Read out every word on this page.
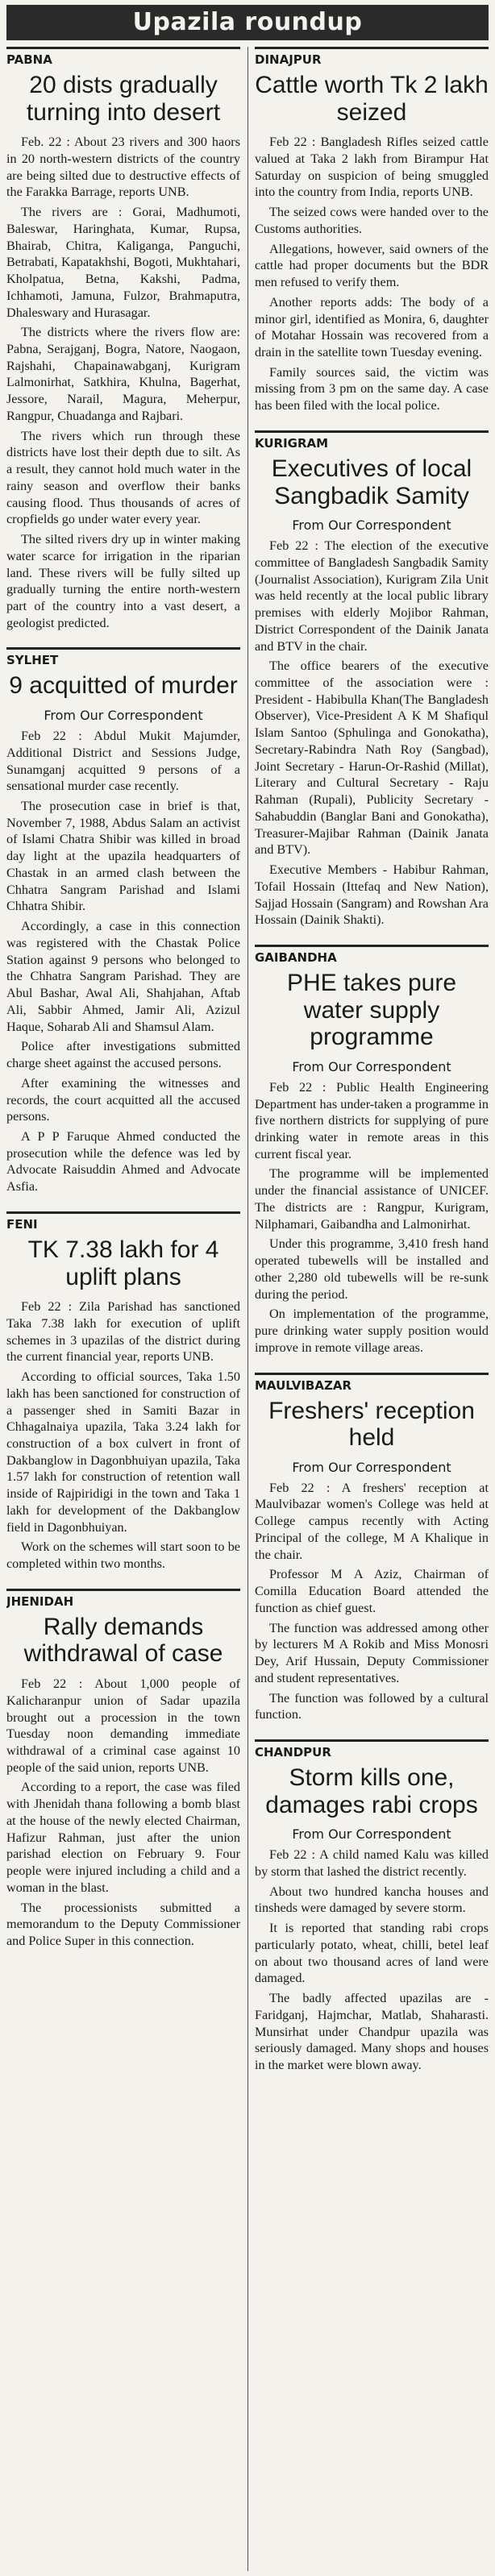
Upazila roundup
PABNA
20 dists gradually turning into desert

Feb. 22 : About 23 rivers and 300 haors in 20 north-western districts of the country are being silted due to destructive effects of the Farakka Barrage, reports UNB.

The rivers are : Gorai, Madhumoti, Baleswar, Haringhata, Kumar, Rupsa, Bhairab, Chitra, Kaliganga, Panguchi, Betrabati, Kapatakhshi, Bogoti, Mukhtahari, Kholpatua, Betna, Kakshi, Padma, Ichhamoti, Jamuna, Fulzor, Brahmaputra, Dhaleswary and Hurasagar.

The districts where the rivers flow are: Pabna, Serajganj, Bogra, Natore, Naogaon, Rajshahi, Chapainawabganj, Kurigram Lalmonirhat, Satkhira, Khulna, Bagerhat, Jessore, Narail, Magura, Meherpur, Rangpur, Chuadanga and Rajbari.

The rivers which run through these districts have lost their depth due to silt. As a result, they cannot hold much water in the rainy season and overflow their banks causing flood. Thus thousands of acres of cropfields go under water every year.

The silted rivers dry up in winter making water scarce for irrigation in the riparian land. These rivers will be fully silted up gradually turning the entire north-western part of the country into a vast desert, a geologist predicted.

SYLHET
9 acquitted of murder
From Our Correspondent

Feb 22 : Abdul Mukit Majumder, Additional District and Sessions Judge, Sunamganj acquitted 9 persons of a sensational murder case recently.

The prosecution case in brief is that, November 7, 1988, Abdus Salam an activist of Islami Chatra Shibir was killed in broad day light at the upazila headquarters of Chastak in an armed clash between the Chhatra Sangram Parishad and Islami Chhatra Shibir.

Accordingly, a case in this connection was registered with the Chastak Police Station against 9 persons who belonged to the Chhatra Sangram Parishad. They are Abul Bashar, Awal Ali, Shahjahan, Aftab Ali, Sabbir Ahmed, Jamir Ali, Azizul Haque, Soharab Ali and Shamsul Alam.

Police after investigations submitted charge sheet against the accused persons.

After examining the witnesses and records, the court acquitted all the accused persons.

A P P Faruque Ahmed conducted the prosecution while the defence was led by Advocate Raisuddin Ahmed and Advocate Asfia.

FENI
TK 7.38 lakh for 4 uplift plans

Feb 22 : Zila Parishad has sanctioned Taka 7.38 lakh for execution of uplift schemes in 3 upazilas of the district during the current financial year, reports UNB.

According to official sources, Taka 1.50 lakh has been sanctioned for construction of a passenger shed in Samiti Bazar in Chhagalnaiya upazila, Taka 3.24 lakh for construction of a box culvert in front of Dakbanglow in Dagonbhuiyan upazila, Taka 1.57 lakh for construction of retention wall inside of Rajpiridigi in the town and Taka 1 lakh for development of the Dakbanglow field in Dagonbhuiyan.

Work on the schemes will start soon to be completed within two months.

JHENIDAH
Rally demands withdrawal of case

Feb 22 : About 1,000 people of Kalicharanpur union of Sadar upazila brought out a procession in the town Tuesday noon demanding immediate withdrawal of a criminal case against 10 people of the said union, reports UNB.

According to a report, the case was filed with Jhenidah thana following a bomb blast at the house of the newly elected Chairman, Hafizur Rahman, just after the union parishad election on February 9. Four people were injured including a child and a woman in the blast.

The processionists submitted a memorandum to the Deputy Commissioner and Police Super in this connection.

DINAJPUR
Cattle worth Tk 2 lakh seized

Feb 22 : Bangladesh Rifles seized cattle valued at Taka 2 lakh from Birampur Hat Saturday on suspicion of being smuggled into the country from India, reports UNB.

The seized cows were handed over to the Customs authorities.

Allegations, however, said owners of the cattle had proper documents but the BDR men refused to verify them.

Another reports adds: The body of a minor girl, identified as Monira, 6, daughter of Motahar Hossain was recovered from a drain in the satellite town Tuesday evening.

Family sources said, the victim was missing from 3 pm on the same day. A case has been filed with the local police.

KURIGRAM
Executives of local Sangbadik Samity
From Our Correspondent

Feb 22 : The election of the executive committee of Bangladesh Sangbadik Samity (Journalist Association), Kurigram Zila Unit was held recently at the local public library premises with elderly Mojibor Rahman, District Correspondent of the Dainik Janata and BTV in the chair.

The office bearers of the executive committee of the association were : President - Habibulla Khan(The Bangladesh Observer), Vice-President A K M Shafiqul Islam Santoo (Sphulinga and Gonokatha), Secretary-Rabindra Nath Roy (Sangbad), Joint Secretary - Harun-Or-Rashid (Millat), Literary and Cultural Secretary - Raju Rahman (Rupali), Publicity Secretary - Sahabuddin (Banglar Bani and Gonokatha), Treasurer-Majibar Rahman (Dainik Janata and BTV).

Executive Members - Habibur Rahman, Tofail Hossain (Ittefaq and New Nation), Sajjad Hossain (Sangram) and Rowshan Ara Hossain (Dainik Shakti).

GAIBANDHA
PHE takes pure water supply programme
From Our Correspondent

Feb 22 : Public Health Engineering Department has under-taken a programme in five northern districts for supplying of pure drinking water in remote areas in this current fiscal year.

The programme will be implemented under the financial assistance of UNICEF. The districts are : Rangpur, Kurigram, Nilphamari, Gaibandha and Lalmonirhat.

Under this programme, 3,410 fresh hand operated tubewells will be installed and other 2,280 old tubewells will be re-sunk during the period.

On implementation of the programme, pure drinking water supply position would improve in remote village areas.

MAULVIBAZAR
Freshers' reception held
From Our Correspondent

Feb 22 : A freshers' reception at Maulvibazar women's College was held at College campus recently with Acting Principal of the college, M A Khalique in the chair.

Professor M A Aziz, Chairman of Comilla Education Board attended the function as chief guest.

The function was addressed among other by lecturers M A Rokib and Miss Monosri Dey, Arif Hussain, Deputy Commissioner and student representatives.

The function was followed by a cultural function.

CHANDPUR
Storm kills one, damages rabi crops
From Our Correspondent

Feb 22 : A child named Kalu was killed by storm that lashed the district recently.

About two hundred kancha houses and tinsheds were damaged by severe storm.

It is reported that standing rabi crops particularly potato, wheat, chilli, betel leaf on about two thousand acres of land were damaged.

The badly affected upazilas are - Faridganj, Hajmchar, Matlab, Shaharasti. Munsirhat under Chandpur upazila was seriously damaged. Many shops and houses in the market were blown away.
